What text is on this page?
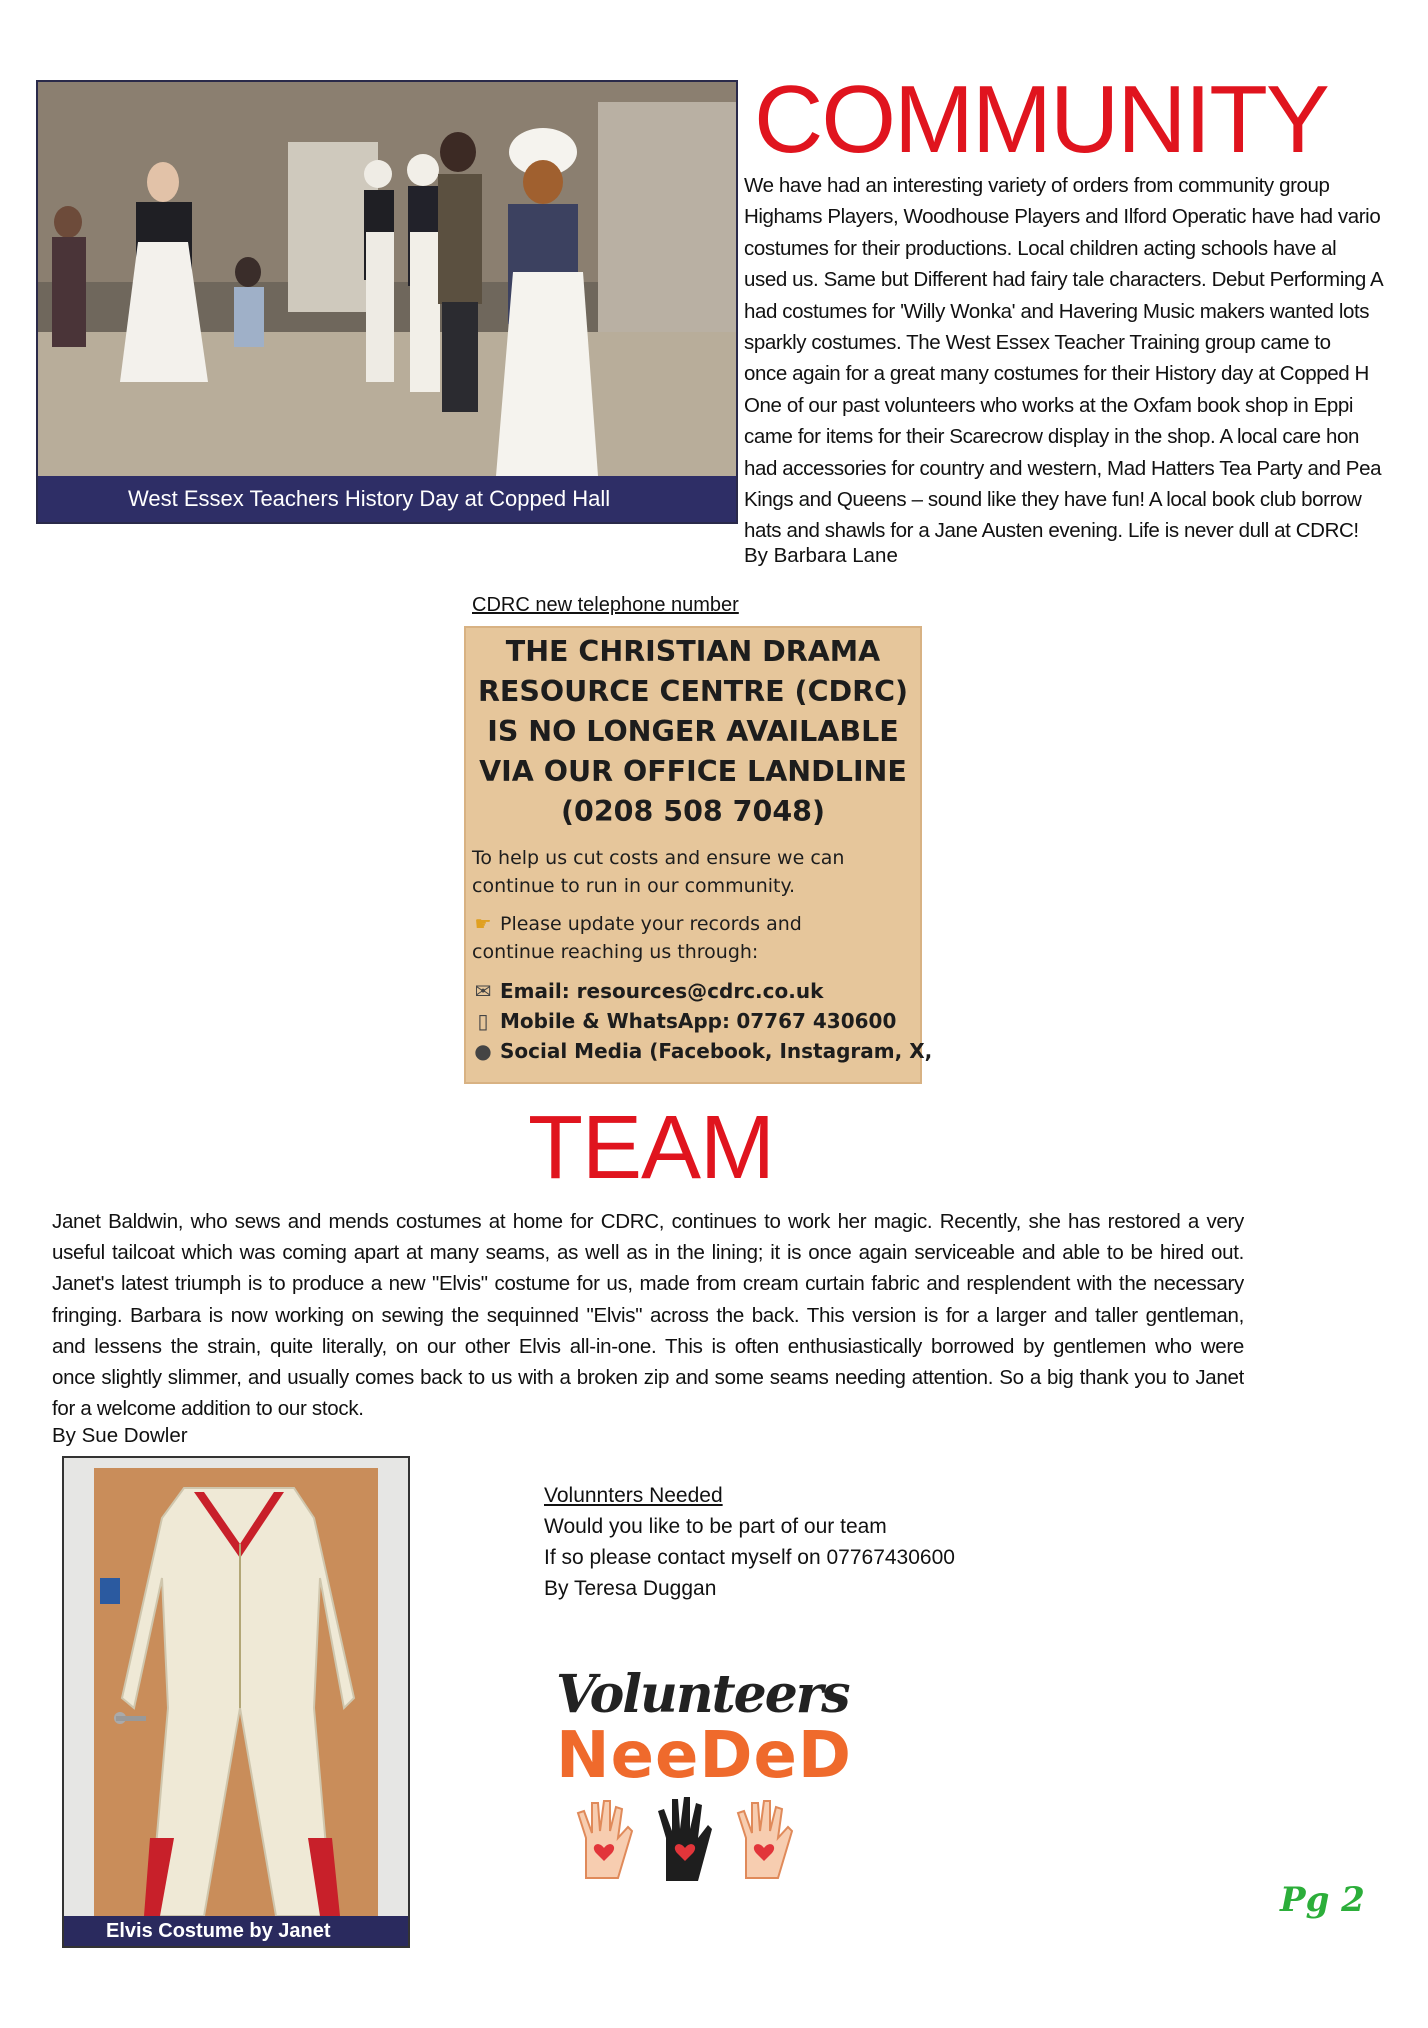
West Essex Teachers History Day at Copped Hall
COMMUNITY
We have had an interesting variety of orders from community group
Highams Players, Woodhouse Players and Ilford Operatic have had vario
costumes for their productions. Local children acting schools have al
used us. Same but Different had fairy tale characters. Debut Performing A
had costumes for 'Willy Wonka' and Havering Music makers wanted lots
sparkly costumes. The West Essex Teacher Training group came to
once again for a great many costumes for their History day at Copped H
One of our past volunteers who works at the Oxfam book shop in Eppi
came for items for their Scarecrow display in the shop. A local care hon
had accessories for country and western, Mad Hatters Tea Party and Pea
Kings and Queens – sound like they have fun! A local book club borrow
hats and shawls for a Jane Austen evening. Life is never dull at CDRC!
By Barbara Lane
CDRC new telephone number
THE CHRISTIAN DRAMA
RESOURCE CENTRE (CDRC)
IS NO LONGER AVAILABLE
VIA OUR OFFICE LANDLINE
(0208 508 7048)
To help us cut costs and ensure we can
continue to run in our community.
☛ Please update your records and
continue reaching us through:
✉ Email: resources@cdrc.co.uk
▯ Mobile & WhatsApp: 07767 430600
● Social Media (Facebook, Instagram, X,
TEAM
Janet Baldwin, who sews and mends costumes at home for CDRC, continues to work her magic. Recently, she has restored a very
useful tailcoat which was coming apart at many seams, as well as in the lining; it is once again serviceable and able to be hired out.
Janet's latest triumph is to produce a new "Elvis" costume for us, made from cream curtain fabric and resplendent with the necessary
fringing. Barbara is now working on sewing the sequinned "Elvis" across the back. This version is for a larger and taller gentleman,
and lessens the strain, quite literally, on our other Elvis all-in-one. This is often enthusiastically borrowed by gentlemen who were
once slightly slimmer, and usually comes back to us with a broken zip and some seams needing attention. So a big thank you to Janet
for a welcome addition to our stock.
By Sue Dowler
Elvis Costume by Janet
Volunnters Needed
Would you like to be part of our team
If so please contact myself on 07767430600
By Teresa Duggan
Volunteers
NeeDeD
Pg 2
